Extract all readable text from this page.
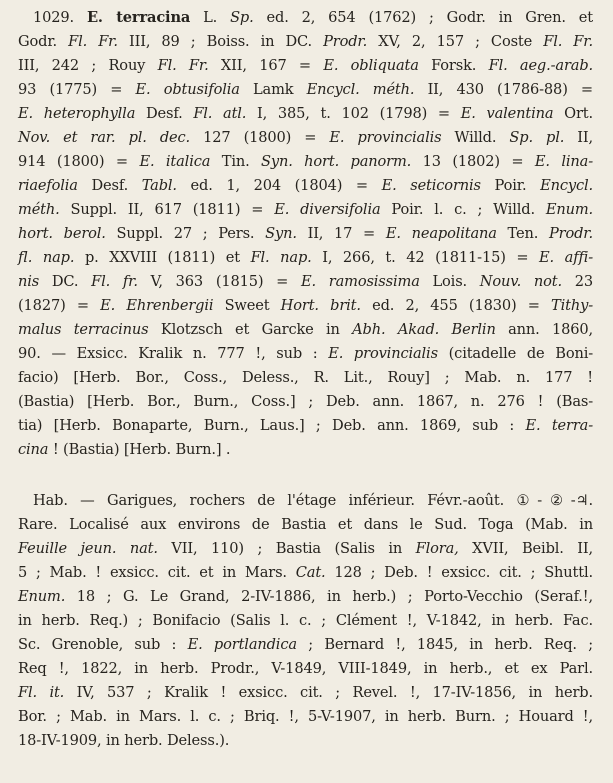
1029. E. terracina L. Sp. ed. 2, 654 (1762) ; Godr. in Gren. et
Godr. Fl. Fr. III, 89 ; Boiss. in DC. Prodr. XV, 2, 157 ; Coste Fl. Fr.
III, 242 ; Rouy Fl. Fr. XII, 167 = E. obliquata Forsk. Fl. aeg.-arab.
93 (1775) = E. obtusifolia Lamk Encycl. méth. II, 430 (1786-88) =
E. heterophylla Desf. Fl. atl. I, 385, t. 102 (1798) = E. valentina Ort.
Nov. et rar. pl. dec. 127 (1800) = E. provincialis Willd. Sp. pl. II,
914 (1800) = E. italica Tin. Syn. hort. panorm. 13 (1802) = E. lina-
riaefolia Desf. Tabl. ed. 1, 204 (1804) = E. seticornis Poir. Encycl.
méth. Suppl. II, 617 (1811) = E. diversifolia Poir. l. c. ; Willd. Enum.
hort. berol. Suppl. 27 ; Pers. Syn. II, 17 = E. neapolitana Ten. Prodr.
fl. nap. p. XXVIII (1811) et Fl. nap. I, 266, t. 42 (1811-15) = E. affi-
nis DC. Fl. fr. V, 363 (1815) = E. ramosissima Lois. Nouv. not. 23
(1827) = E. Ehrenbergii Sweet Hort. brit. ed. 2, 455 (1830) = Tithy-
malus terracinus Klotzsch et Garcke in Abh. Akad. Berlin ann. 1860,
90. — Exsicc. Kralik n. 777 !, sub : E. provincialis (citadelle de Boni-
facio) [Herb. Bor., Coss., Deless., R. Lit., Rouy] ; Mab. n. 177 !
(Bastia) [Herb. Bor., Burn., Coss.] ; Deb. ann. 1867, n. 276 ! (Bas-
tia) [Herb. Bonaparte, Burn., Laus.] ; Deb. ann. 1869, sub : E. terra-
cina ! (Bastia) [Herb. Burn.] .
Hab. — Garigues, rochers de l'étage inférieur. Févr.-août. ①-②-♃.
Rare. Localisé aux environs de Bastia et dans le Sud. Toga (Mab. in
Feuille jeun. nat. VII, 110) ; Bastia (Salis in Flora, XVII, Beibl. II,
5 ; Mab. ! exsicc. cit. et in Mars. Cat. 128 ; Deb. ! exsicc. cit. ; Shuttl.
Enum. 18 ; G. Le Grand, 2-IV-1886, in herb.) ; Porto-Vecchio (Seraf.!,
in herb. Req.) ; Bonifacio (Salis l. c. ; Clément !, V-1842, in herb. Fac.
Sc. Grenoble, sub : E. portlandica ; Bernard !, 1845, in herb. Req. ;
Req !, 1822, in herb. Prodr., V-1849, VIII-1849, in herb., et ex Parl.
Fl. it. IV, 537 ; Kralik ! exsicc. cit. ; Revel. !, 17-IV-1856, in herb.
Bor. ; Mab. in Mars. l. c. ; Briq. !, 5-V-1907, in herb. Burn. ; Houard !,
18-IV-1909, in herb. Deless.).
